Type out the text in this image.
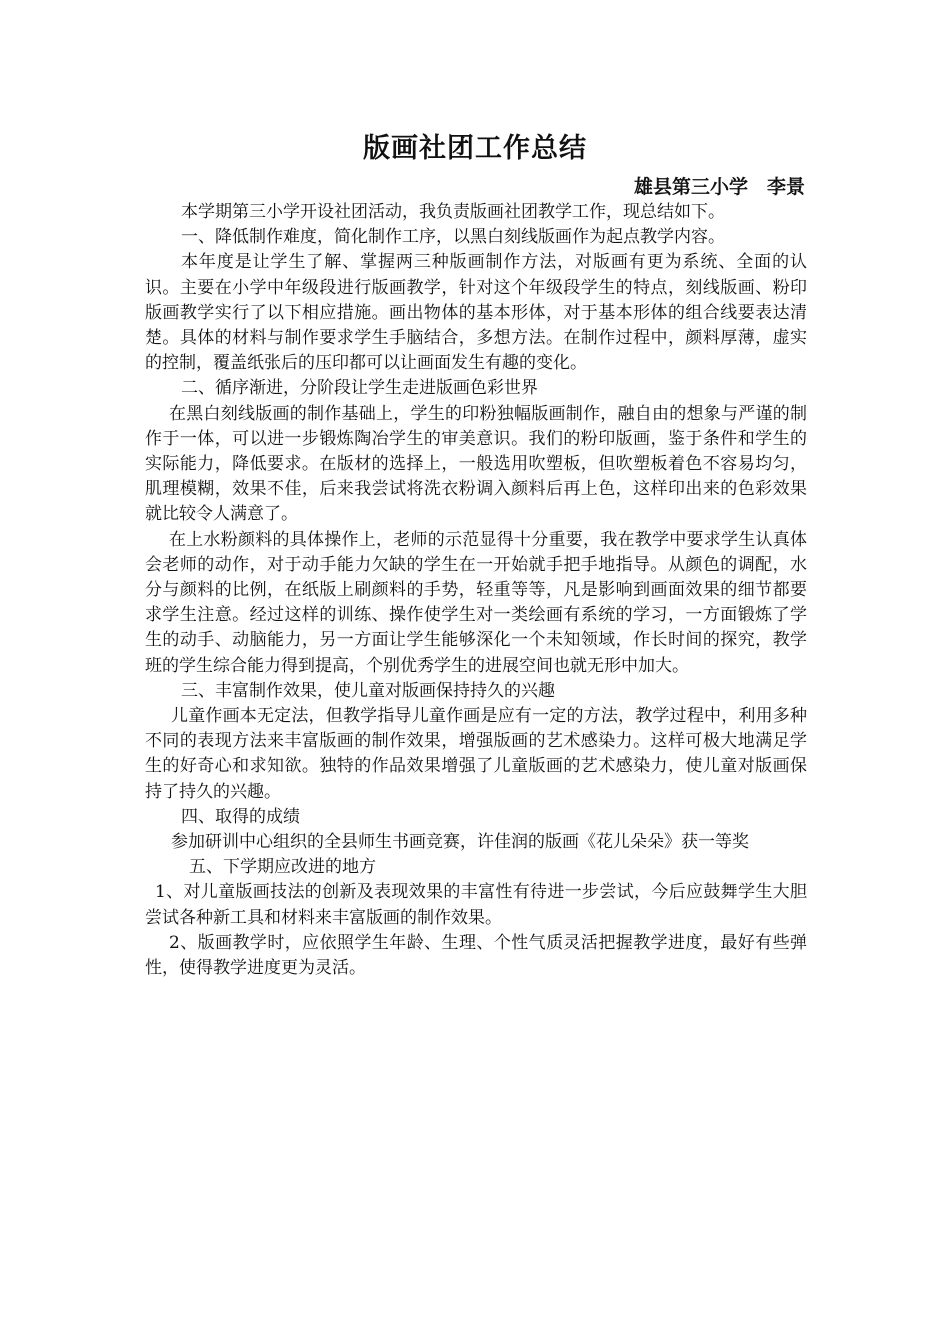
版画社团工作总结
雄县第三小学　李景

本学期第三小学开设社团活动，我负责版画社团教学工作，现总结如下。

一、降低制作难度，简化制作工序，以黑白刻线版画作为起点教学内容。

本年度是让学生了解、掌握两三种版画制作方法，对版画有更为系统、全面的认识。主要在小学中年级段进行版画教学，针对这个年级段学生的特点，刻线版画、粉印版画教学实行了以下相应措施。画出物体的基本形体，对于基本形体的组合线要表达清楚。具体的材料与制作要求学生手脑结合，多想方法。在制作过程中，颜料厚薄，虚实的控制，覆盖纸张后的压印都可以让画面发生有趣的变化。

二、循序渐进，分阶段让学生走进版画色彩世界

在黑白刻线版画的制作基础上，学生的印粉独幅版画制作，融自由的想象与严谨的制作于一体，可以进一步锻炼陶冶学生的审美意识。我们的粉印版画，鉴于条件和学生的实际能力，降低要求。在版材的选择上，一般选用吹塑板，但吹塑板着色不容易均匀，肌理模糊，效果不佳，后来我尝试将洗衣粉调入颜料后再上色，这样印出来的色彩效果就比较令人满意了。

在上水粉颜料的具体操作上，老师的示范显得十分重要，我在教学中要求学生认真体会老师的动作，对于动手能力欠缺的学生在一开始就手把手地指导。从颜色的调配，水分与颜料的比例，在纸版上刷颜料的手势，轻重等等，凡是影响到画面效果的细节都要求学生注意。经过这样的训练、操作使学生对一类绘画有系统的学习，一方面锻炼了学生的动手、动脑能力，另一方面让学生能够深化一个未知领域，作长时间的探究，教学班的学生综合能力得到提高，个别优秀学生的进展空间也就无形中加大。

三、丰富制作效果，使儿童对版画保持持久的兴趣

儿童作画本无定法，但教学指导儿童作画是应有一定的方法，教学过程中，利用多种不同的表现方法来丰富版画的制作效果，增强版画的艺术感染力。这样可极大地满足学生的好奇心和求知欲。独特的作品效果增强了儿童版画的艺术感染力，使儿童对版画保持了持久的兴趣。

四、取得的成绩

参加研训中心组织的全县师生书画竞赛，许佳润的版画《花儿朵朵》获一等奖

五、下学期应改进的地方

1、对儿童版画技法的创新及表现效果的丰富性有待进一步尝试，今后应鼓舞学生大胆尝试各种新工具和材料来丰富版画的制作效果。

2、版画教学时，应依照学生年龄、生理、个性气质灵活把握教学进度，最好有些弹性，使得教学进度更为灵活。
